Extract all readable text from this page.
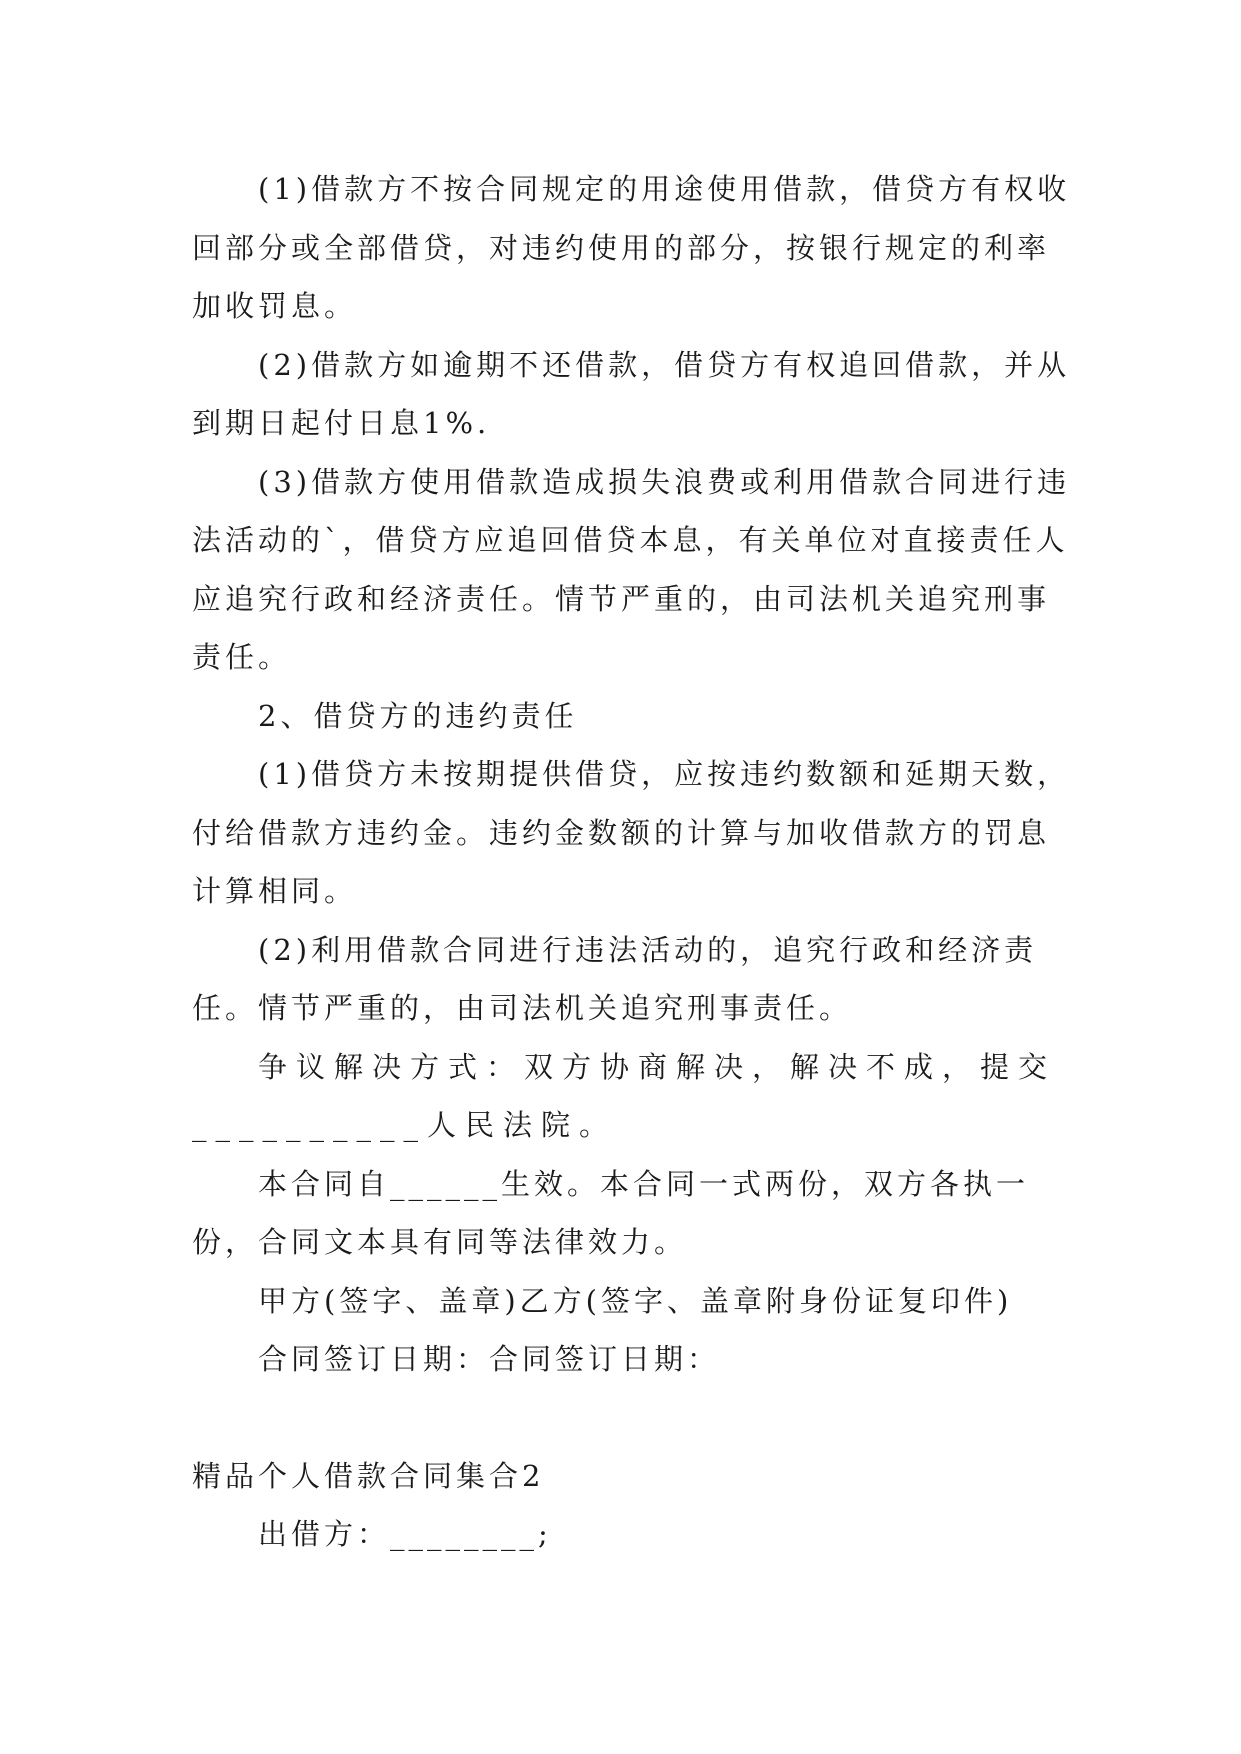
(1)借款方不按合同规定的用途使用借款，借贷方有权收回部分或全部借贷，对违约使用的部分，按银行规定的利率加收罚息。

(2)借款方如逾期不还借款，借贷方有权追回借款，并从到期日起付日息1%.

(3)借款方使用借款造成损失浪费或利用借款合同进行违法活动的`，借贷方应追回借贷本息，有关单位对直接责任人应追究行政和经济责任。情节严重的，由司法机关追究刑事责任。

2、借贷方的违约责任

(1)借贷方未按期提供借贷，应按违约数额和延期天数，付给借款方违约金。违约金数额的计算与加收借款方的罚息计算相同。

(2)利用借款合同进行违法活动的，追究行政和经济责任。情节严重的，由司法机关追究刑事责任。

争议解决方式：双方协商解决，解决不成，提交__________人民法院。

本合同自______生效。本合同一式两份，双方各执一份，合同文本具有同等法律效力。

甲方(签字、盖章)乙方(签字、盖章附身份证复印件)

合同签订日期：合同签订日期：

精品个人借款合同集合2

出借方：________;
